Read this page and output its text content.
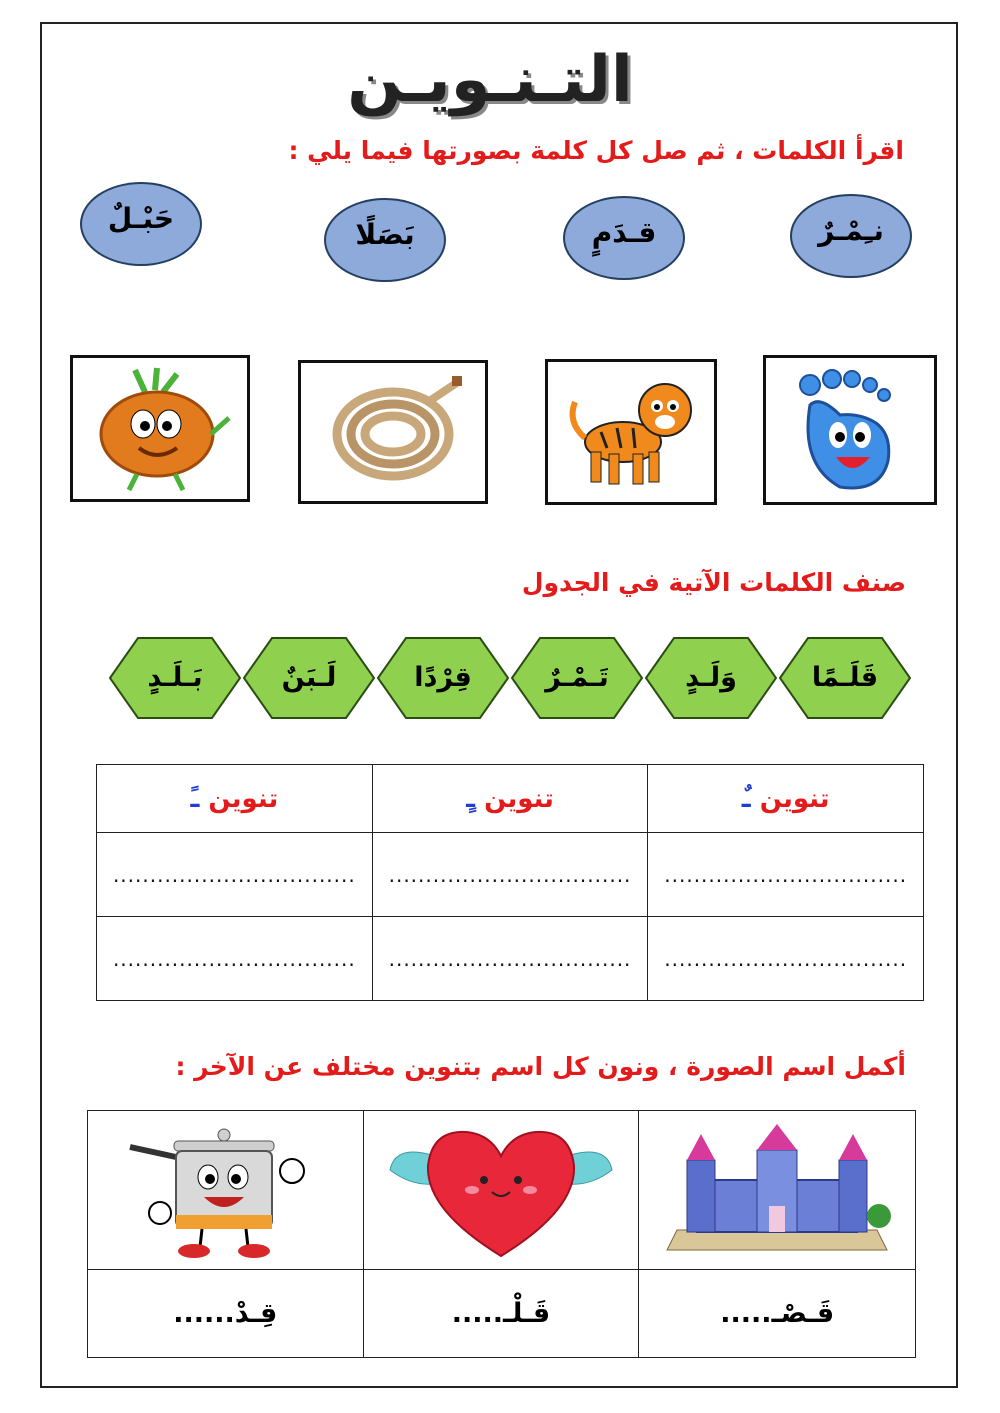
التـنـويـن
اقرأ الكلمات ، ثم صل كل كلمة بصورتها فيما يلي :
نـِمْـرٌ
قـدَمٍ
بَصَلًا
حَبْـلٌ
صنف الكلمات الآتية في الجدول
قَلَـمًا
وَلَـدٍ
تَـمْـرٌ
قِرْدًا
لَـبَنٌ
بَـلَـدٍ
تنوين ـٌ	تنوين ـٍ	تنوين ـً
.................................	.................................	.................................
.................................	.................................	.................................
أكمل اسم الصورة ، ونون كل اسم بتنوين مختلف عن الآخر :

قَـصْـ.....	قَـلْـ.....	قِـدْ......
